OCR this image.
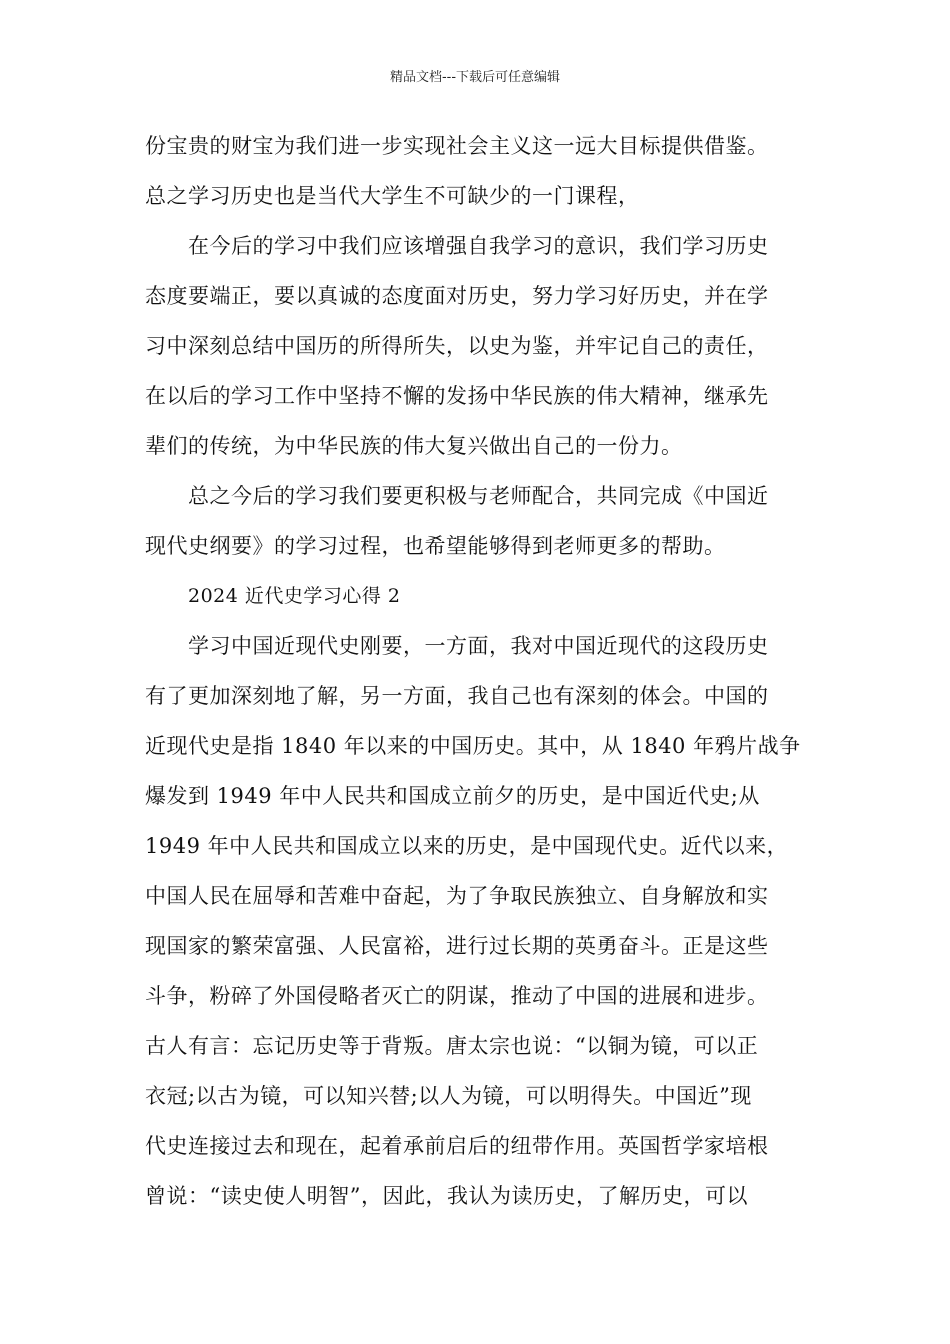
精品文档---下载后可任意编辑
份宝贵的财宝为我们进一步实现社会主义这一远大目标提供借鉴。
总之学习历史也是当代大学生不可缺少的一门课程，
在今后的学习中我们应该增强自我学习的意识，我们学习历史
态度要端正，要以真诚的态度面对历史，努力学习好历史，并在学
习中深刻总结中国历的所得所失，以史为鉴，并牢记自己的责任，
在以后的学习工作中坚持不懈的发扬中华民族的伟大精神，继承先
辈们的传统，为中华民族的伟大复兴做出自己的一份力。
总之今后的学习我们要更积极与老师配合，共同完成《中国近
现代史纲要》的学习过程，也希望能够得到老师更多的帮助。
2024 近代史学习心得 2
学习中国近现代史刚要，一方面，我对中国近现代的这段历史
有了更加深刻地了解，另一方面，我自己也有深刻的体会。中国的
近现代史是指 1840 年以来的中国历史。其中，从 1840 年鸦片战争
爆发到 1949 年中人民共和国成立前夕的历史，是中国近代史;从
1949 年中人民共和国成立以来的历史，是中国现代史。近代以来，
中国人民在屈辱和苦难中奋起，为了争取民族独立、自身解放和实
现国家的繁荣富强、人民富裕，进行过长期的英勇奋斗。正是这些
斗争，粉碎了外国侵略者灭亡的阴谋，推动了中国的进展和进步。
古人有言：忘记历史等于背叛。唐太宗也说：“以铜为镜，可以正
衣冠;以古为镜，可以知兴替;以人为镜，可以明得失。中国近”现
代史连接过去和现在，起着承前启后的纽带作用。英国哲学家培根
曾说：“读史使人明智”，因此，我认为读历史，了解历史，可以
